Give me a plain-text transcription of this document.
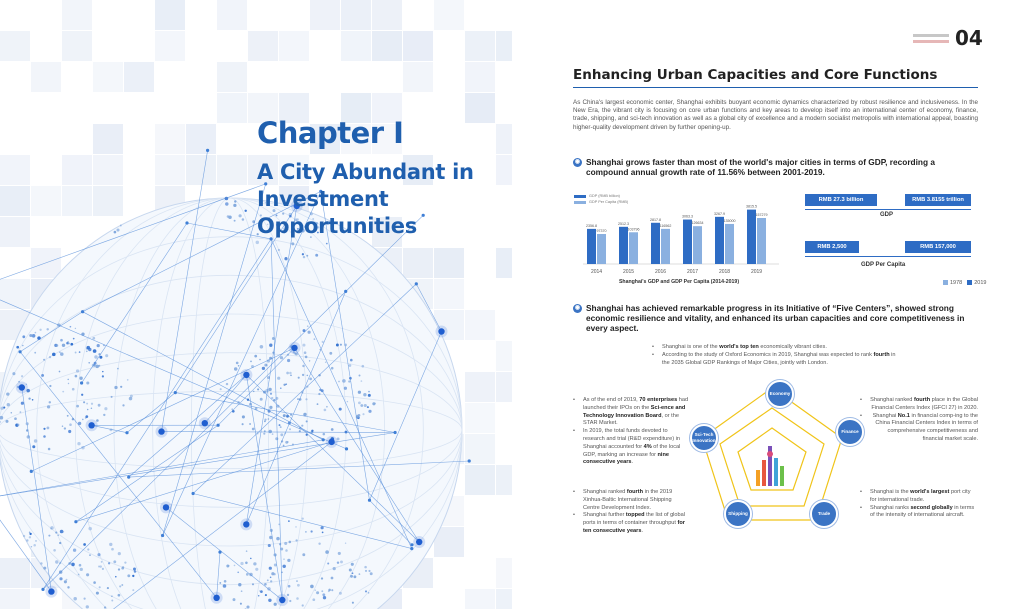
Chapter I
A City Abundant in Investment Opportunities
04
Enhancing Urban Capacities and Core Functions
As China's largest economic center, Shanghai exhibits buoyant economic dynamics characterized by robust resilience and inclusiveness. In the New Era, the vibrant city is focusing on core urban functions and key areas to develop itself into an international center of economy, finance, trade, shipping, and sci-tech innovation as well as a global city of excellence and a modern socialist metropolis with international appeal, boasting higher-quality development driven by further opening-up.
◉ Shanghai grows faster than most of the world's major cities in terms of GDP, recording a compound annual growth rate of 11.56% between 2001-2019.
GDP (RMB billion)
GDP Per Capita (RMB)
2356.8
97370
2014
2512.3
103796
2015
2817.8
116562
2016
3063.3
126634
2017
3267.9
135000
2018
3815.5
157279
2019
Shanghai's GDP and GDP Per Capita (2014-2019)
RMB 27.3 billion	RMB 3.8155 trillion
GDP
RMB 2,500	RMB 157,000
GDP Per Capita
1978 2019
◉ Shanghai has achieved remarkable progress in its Initiative of “Five Centers”, showed strong economic resilience and vitality, and enhanced its urban capacities and core competitiveness in every aspect.
• Shanghai is one of the world's top ten economically vibrant cities.
• According to the study of Oxford Economics in 2019, Shanghai was expected to rank fourth in the 2035 Global GDP Rankings of Major Cities, jointly with London.
• As of the end of 2019, 70 enterprises had launched their IPOs on the Sci-ence and Technology Innovation Board, or the STAR Market.
• In 2019, the total funds devoted to research and trial (R&D expenditure) in Shanghai accounted for 4% of the local GDP, marking an increase for nine consecutive years.
• Shanghai ranked fourth in the 2019 Xinhua-Baltic International Shipping Centre Development Index.
• Shanghai further topped the list of global ports in terms of container throughput for ten consecutive years.
• Shanghai ranked fourth place in the Global Financial Centers Index (GFCI 27) in 2020.
• Shanghai No.1 in financial comp-ing to the China Financial Centers Index in terms of comprehensive competitiveness and financial market scale.
• Shanghai is the world's largest port city for international trade.
• Shanghai ranks second globally in terms of the intensity of international aircraft.
Economy
Finance
Trade
Shipping
Sci-Tech Innovation
